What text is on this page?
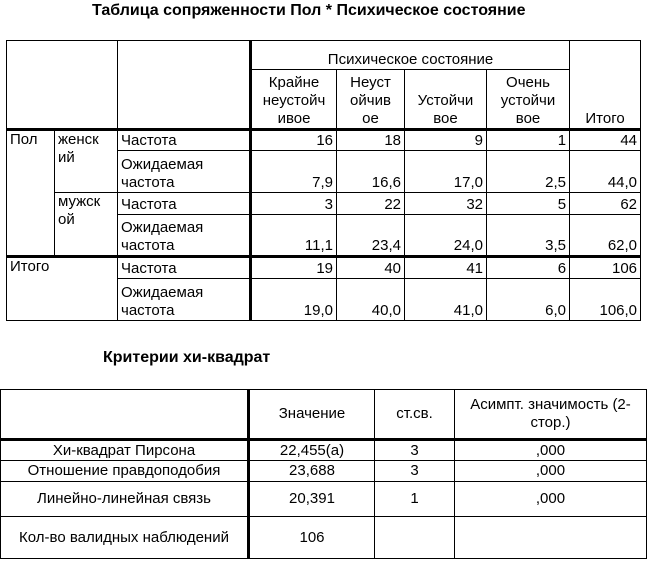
Таблица сопряженности Пол * Психическое состояние
			Психическое состояние				
			Крайне неустойч ивое	Неуст ойчив ое	Устойчи вое	Очень устойчи вое	Итого
Пол	женск ий	Частота	16	18	9	1	44
		Ожидаемая частота	7,9	16,6	17,0	2,5	44,0
	мужск ой	Частота	3	22	32	5	62
		Ожидаемая частота	11,1	23,4	24,0	3,5	62,0
Итого		Частота	19	40	41	6	106
		Ожидаемая частота	19,0	40,0	41,0	6,0	106,0
Критерии хи-квадрат
	Значение	ст.св.	Асимпт. значимость (2-стор.)
Хи-квадрат Пирсона	22,455(a)	3	,000
Отношение правдоподобия	23,688	3	,000
Линейно-линейная связь	20,391	1	,000
Кол-во валидных наблюдений	106		
